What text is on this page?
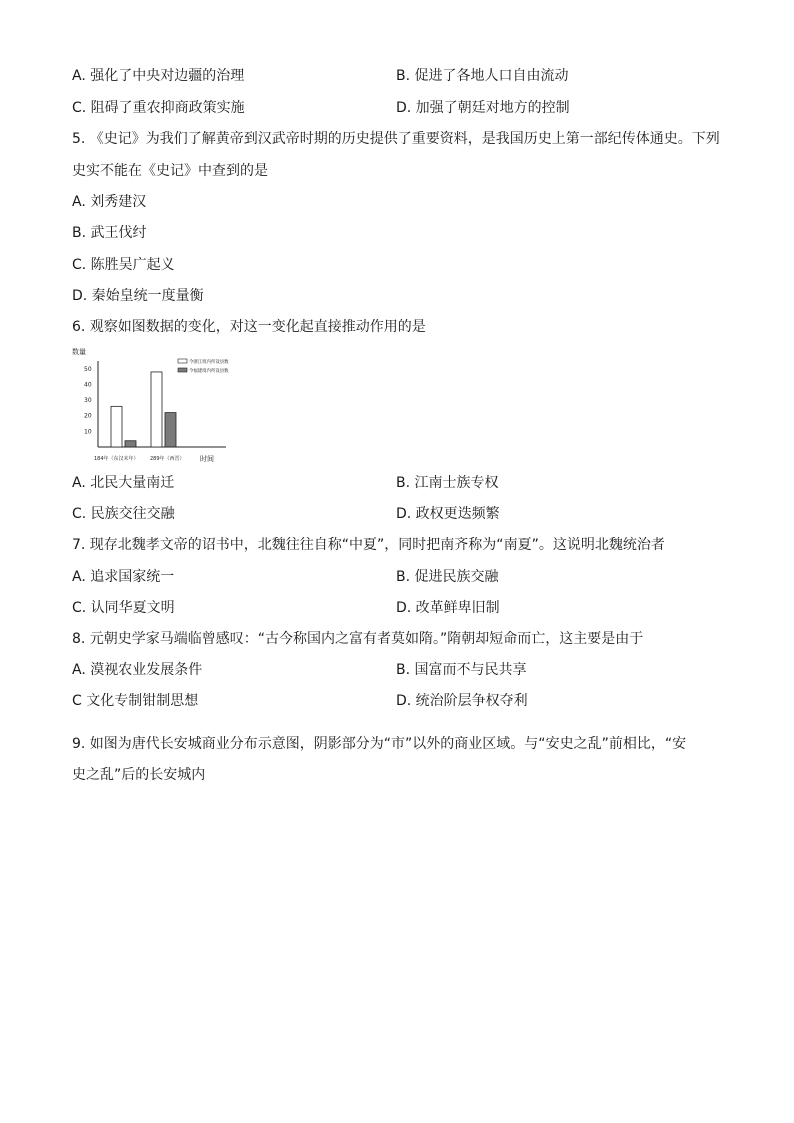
A. 强化了中央对边疆的治理	B. 促进了各地人口自由流动
C. 阻碍了重农抑商政策实施	D. 加强了朝廷对地方的控制
5. 《史记》为我们了解黄帝到汉武帝时期的历史提供了重要资料，是我国历史上第一部纪传体通史。下列
史实不能在《史记》中查到的是
A. 刘秀建汉
B. 武王伐纣
C. 陈胜吴广起义
D. 秦始皇统一度量衡
6. 观察如图数据的变化，对这一变化起直接推动作用的是
数量
10
20
30
40
50
今浙江境内所设县数
今福建境内所设县数
184年（东汉末年） 289年（西晋） 时间
A. 北民大量南迁	B. 江南士族专权
C. 民族交往交融	D. 政权更迭频繁
7. 现存北魏孝文帝的诏书中，北魏往往自称“中夏”，同时把南齐称为“南夏”。这说明北魏统治者
A. 追求国家统一	B. 促进民族交融
C. 认同华夏文明	D. 改革鲜卑旧制
8. 元朝史学家马端临曾感叹：“古今称国内之富有者莫如隋。”隋朝却短命而亡，这主要是由于
A. 漠视农业发展条件	B. 国富而不与民共享
C 文化专制钳制思想	D. 统治阶层争权夺利
9. 如图为唐代长安城商业分布示意图，阴影部分为“市”以外的商业区域。与“安史之乱”前相比，“安
史之乱”后的长安城内
